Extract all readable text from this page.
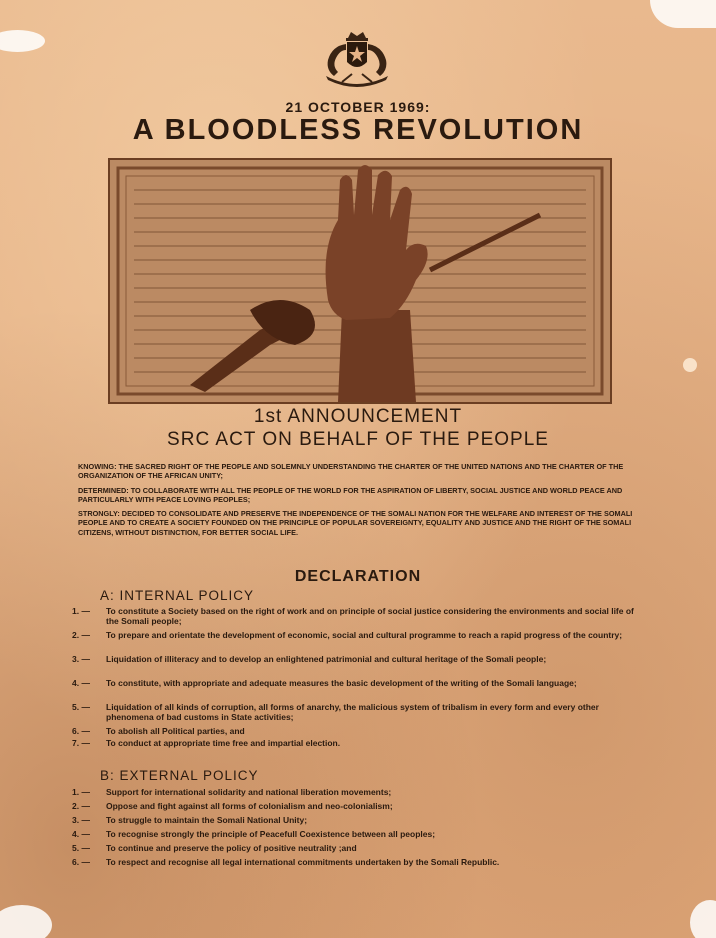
21 OCTOBER 1969:
A BLOODLESS REVOLUTION
1st ANNOUNCEMENT
SRC ACT ON BEHALF OF THE PEOPLE

KNOWING: THE SACRED RIGHT OF THE PEOPLE AND SOLEMNLY UNDERSTANDING THE CHARTER OF THE UNITED NATIONS AND THE CHARTER OF THE ORGANIZATION OF THE AFRICAN UNITY;

DETERMINED: TO COLLABORATE WITH ALL THE PEOPLE OF THE WORLD FOR THE ASPIRATION OF LIBERTY, SOCIAL JUSTICE AND WORLD PEACE AND PARTICULARLY WITH PEACE LOVING PEOPLES;

STRONGLY: DECIDED TO CONSOLIDATE AND PRESERVE THE INDEPENDENCE OF THE SOMALI NATION FOR THE WELFARE AND INTEREST OF THE SOMALI PEOPLE AND TO CREATE A SOCIETY FOUNDED ON THE PRINCIPLE OF POPULAR SOVEREIGNTY, EQUALITY AND JUSTICE AND THE RIGHT OF THE SOMALI CITIZENS, WITHOUT DISTINCTION, FOR BETTER SOCIAL LIFE.

DECLARATION
A: INTERNAL POLICY
1. —	To constitute a Society based on the right of work and on principle of social justice considering the environments and social life of the Somali people;
2. —	To prepare and orientate the development of economic, social and cultural programme to reach a rapid progress of the country;
3. —	Liquidation of illiteracy and to develop an enlightened patrimonial and cultural heritage of the Somali people;
4. —	To constitute, with appropriate and adequate measures the basic development of the writing of the Somali language;
5. —	Liquidation of all kinds of corruption, all forms of anarchy, the malicious system of tribalism in every form and every other phenomena of bad customs in State activities;
6. —	To abolish all Political parties, and
7. —	To conduct at appropriate time free and impartial election.
B: EXTERNAL POLICY
1. —	Support for international solidarity and national liberation movements;
2. —	Oppose and fight against all forms of colonialism and neo-colonialism;
3. —	To struggle to maintain the Somali National Unity;
4. —	To recognise strongly the principle of Peacefull Coexistence between all peoples;
5. —	To continue and preserve the policy of positive neutrality ;and
6. —	To respect and recognise all legal international commitments undertaken by the Somali Republic.
